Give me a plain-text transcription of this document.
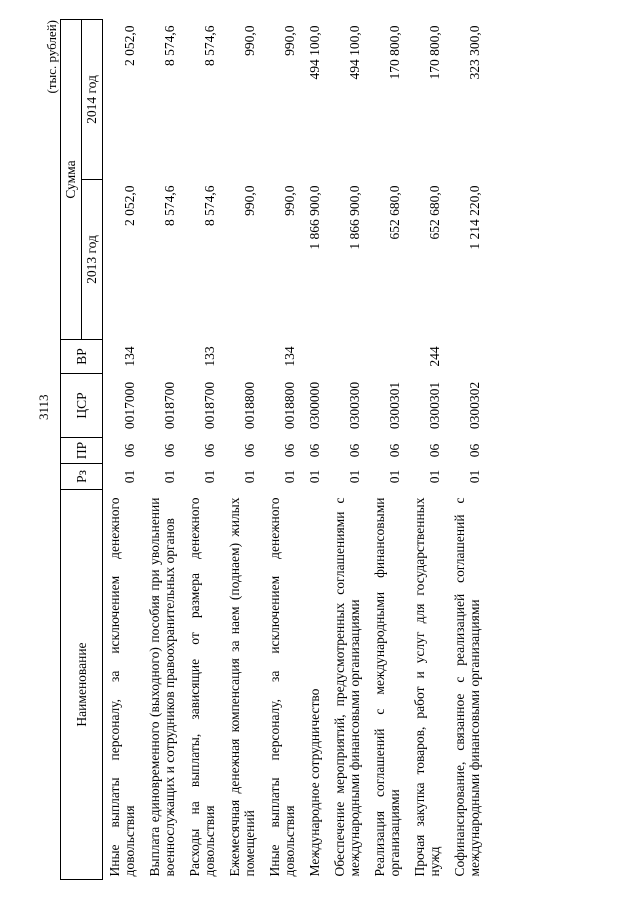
3113
(тыс. рублей)
Наименование	Рз	ПР	ЦСР	ВР	Сумма	
					2013 год	2014 год
Иные выплаты персоналу, за исключением денежного довольствия	01	06	0017000	134	2 052,0	2 052,0
Выплата единовременного (выходного) пособия при увольнении военнослужащих и сотрудников правоохранительных органов	01	06	0018700		8 574,6	8 574,6
Расходы на выплаты, зависящие от размера денежного довольствия	01	06	0018700	133	8 574,6	8 574,6
Ежемесячная денежная компенсация за наем (поднаем) жилых помещений	01	06	0018800		990,0	990,0
Иные выплаты персоналу, за исключением денежного довольствия	01	06	0018800	134	990,0	990,0
Международное сотрудничество	01	06	0300000		1 866 900,0	494 100,0
Обеспечение мероприятий, предусмотренных соглашениями с международными финансовыми организациями	01	06	0300300		1 866 900,0	494 100,0
Реализация соглашений с международными финансовыми организациями	01	06	0300301		652 680,0	170 800,0
Прочая закупка товаров, работ и услуг для государственных нужд	01	06	0300301	244	652 680,0	170 800,0
Софинансирование, связанное с реализацией соглашений с международными финансовыми организациями	01	06	0300302		1 214 220,0	323 300,0
